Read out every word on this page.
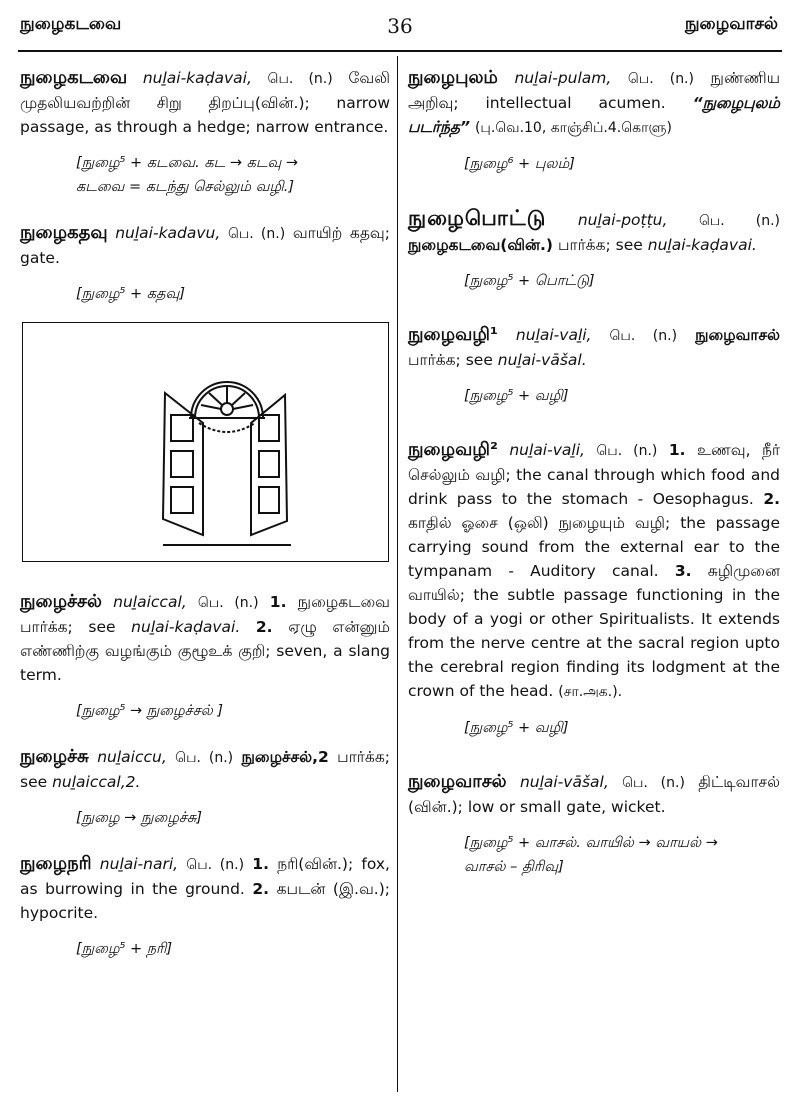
நுழைகடவை	36	நுழைவாசல்
நுழைகடவை nuḻai-kaḍavai, பெ. (n.) வேலி முதலியவற்றின் சிறு திறப்பு(வின்.); narrow passage, as through a hedge; narrow entrance.
[நுழை⁵ + கடவை. கட → கடவு →
கடவை = கடந்து செல்லும் வழி.]
நுழைகதவு nuḻai-kadavu, பெ. (n.) வாயிற் கதவு; gate.
[நுழை⁵ + கதவு]
நுழைச்சல் nuḻaiccal, பெ. (n.) 1. நுழைகடவை பார்க்க; see nuḻai-kaḍavai. 2. ஏழு என்னும் எண்ணிற்கு வழங்கும் குழூஉக் குறி; seven, a slang term.
[நுழை⁵ → நுழைச்சல் ]
நுழைச்சு nuḻaiccu, பெ. (n.) நுழைச்சல்,2 பார்க்க; see nuḻaiccal,2.
[நுழை → நுழைச்சு]
நுழைநரி nuḻai-nari, பெ. (n.) 1. நரி(வின்.); fox, as burrowing in the ground. 2. கபடன் (இ.வ.); hypocrite.
[நுழை⁵ + நரி]
நுழைபுலம் nuḻai-pulam, பெ. (n.) நுண்ணிய அறிவு; intellectual acumen. “நுழைபுலம் படர்ந்த” (பு.வெ.10, காஞ்சிப்.4.கொளு)
[நுழை⁶ + புலம்]
நுழைபொட்டு nuḻai-poṭṭu, பெ. (n.) நுழைகடவை(வின்.) பார்க்க; see nuḻai-kaḍavai.
[நுழை⁵ + பொட்டு]
நுழைவழி¹ nuḻai-vaḻi, பெ. (n.) நுழைவாசல் பார்க்க; see nuḻai-vāšal.
[நுழை⁵ + வழி]
நுழைவழி² nuḻai-vaḻi, பெ. (n.) 1. உணவு, நீர் செல்லும் வழி; the canal through which food and drink pass to the stomach - Oesophagus. 2. காதில் ஓசை (ஒலி) நுழையும் வழி; the passage carrying sound from the external ear to the tympanam - Auditory canal. 3. சுழிமுனை வாயில்; the subtle passage functioning in the body of a yogi or other Spiritualists. It extends from the nerve centre at the sacral region upto the cerebral region finding its lodgment at the crown of the head. (சா.அக.).
[நுழை⁵ + வழி]
நுழைவாசல் nuḻai-vāšal, பெ. (n.) திட்டிவாசல் (வின்.); low or small gate, wicket.
[நுழை⁵ + வாசல். வாயில் → வாயல் →
வாசல் – திரிவு]
